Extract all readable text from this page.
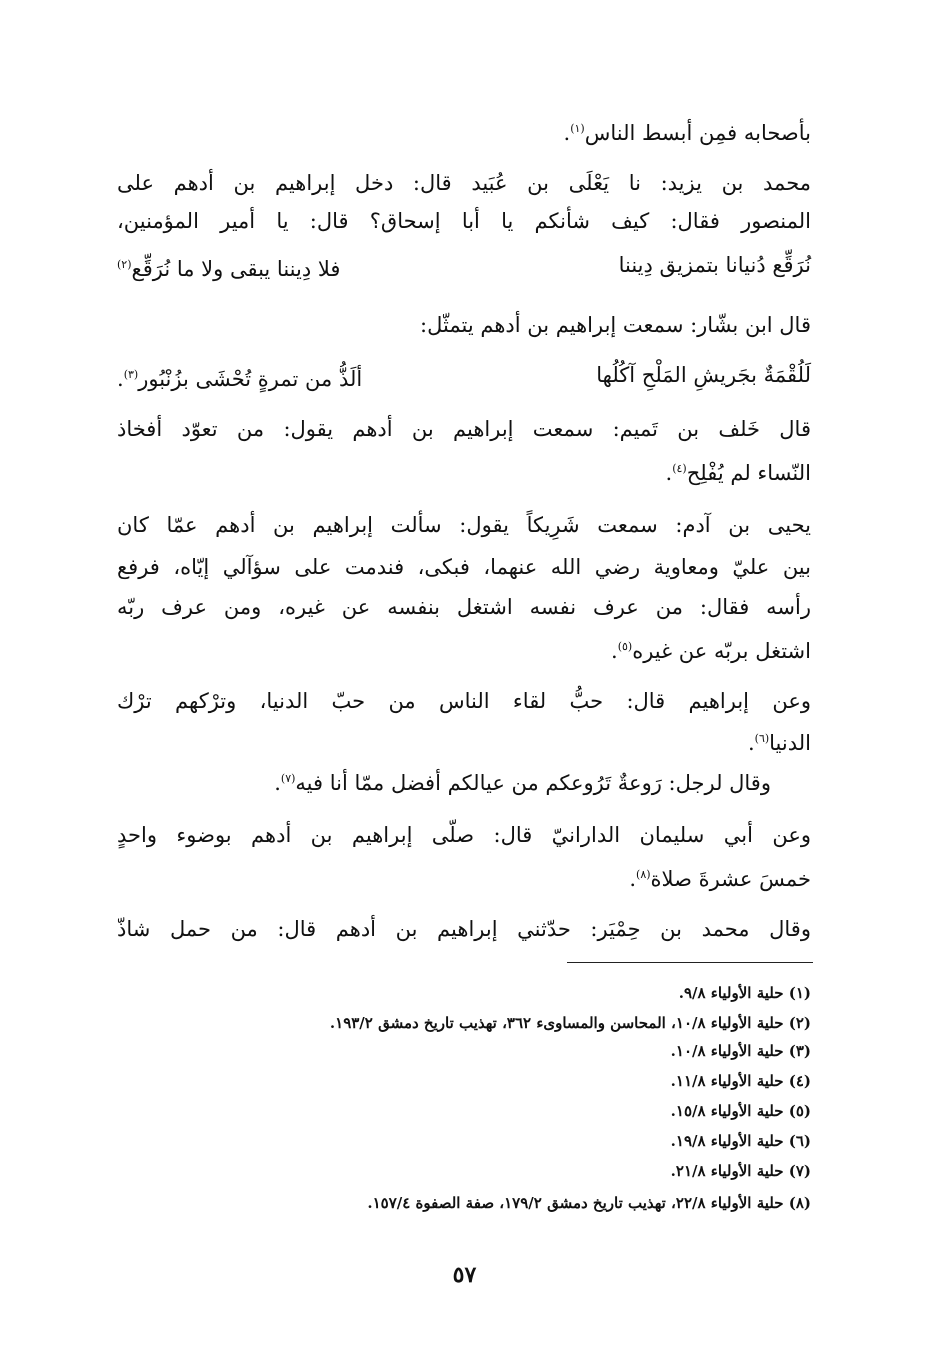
بأصحابه فمِن أبسط الناس$^{(١)}$.
محمد بن يزيد: نا يَعْلَى بن عُبَيد قال: دخل إبراهيم بن أدهم على
المنصور فقال: كيف شأنكم يا أبا إسحاق؟ قال: يا أمير المؤمنين،
نُرَقِّع دُنيانا بتمزيق دِيننا
فلا دِيننا يبقى ولا ما نُرَقِّع$^{(٢)}$
قال ابن بشّار: سمعت إبراهيم بن أدهم يتمثّل:
لَلُقْمَةٌ بجَريشِ المَلْحِ آكُلُها
ألَذُّ من تمرةٍ تُحْشَى بزُنْبُور$^{(٣)}$.
قال خَلف بن تَميم: سمعت إبراهيم بن أدهم يقول: من تعوّد أفخاذ
النّساء لم يُفْلِح$^{(٤)}$.
يحيى بن آدم: سمعت شَرِيكاً يقول: سألت إبراهيم بن أدهم عمّا كان
بين عليّ ومعاوية رضي الله عنهما، فبكى، فندمت على سؤآلي إيّاه، فرفع
رأسه فقال: من عرف نفسه اشتغل بنفسه عن غيره، ومن عرف ربّه
اشتغل بربّه عن غيره$^{(٥)}$.
وعن إبراهيم قال: حبُّ لقاء الناس من حبّ الدنيا، وترْكهم ترْك
الدنيا$^{(٦)}$.
وقال لرجل: رَوعةٌ تَرُوعكم من عيالكم أفضل ممّا أنا فيه$^{(٧)}$.
وعن أبي سليمان الدارانيّ قال: صلّى إبراهيم بن أدهم بوضوء واحدٍ
خمسَ عشرةَ صلاة$^{(٨)}$.
وقال محمد بن حِمْيَر: حدّثني إبراهيم بن أدهم قال: من حمل شاذّ
(١) حلية الأولياء ٩/٨.
(٢) حلية الأولياء ١٠/٨، المحاسن والمساوىء ٣٦٢، تهذيب تاريخ دمشق ١٩٣/٢.
(٣) حلية الأولياء ١٠/٨.
(٤) حلية الأولياء ١١/٨.
(٥) حلية الأولياء ١٥/٨.
(٦) حلية الأولياء ١٩/٨.
(٧) حلية الأولياء ٢١/٨.
(٨) حلية الأولياء ٢٢/٨، تهذيب تاريخ دمشق ١٧٩/٢، صفة الصفوة ١٥٧/٤.
٥٧
